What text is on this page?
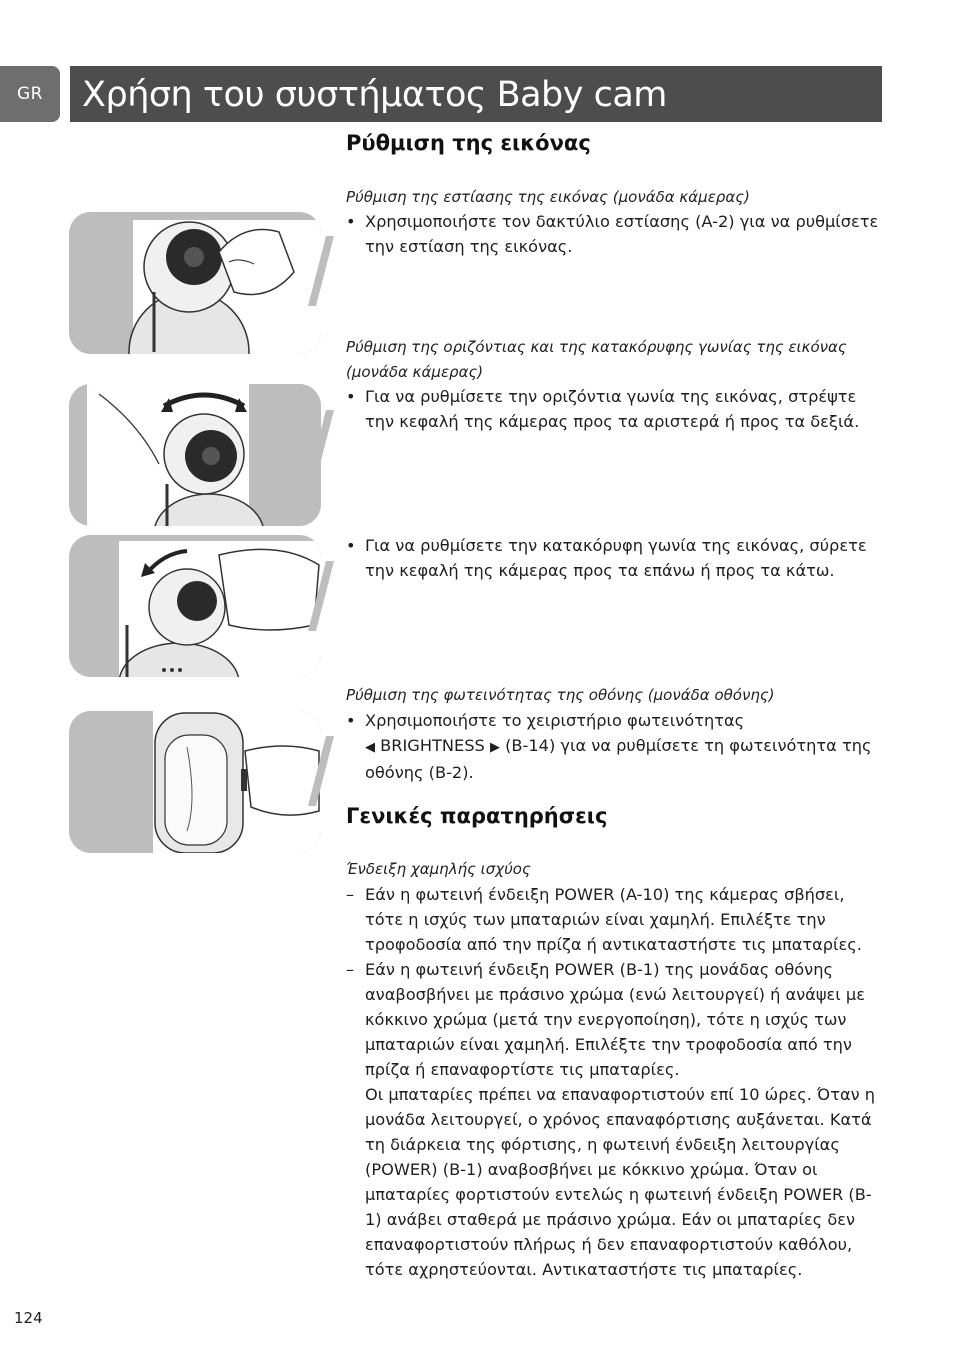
GR	Χρήση του συστήματος Baby cam
Ρύθμιση της εικόνας
Ρύθμιση της εστίασης της εικόνας (μονάδα κάμερας)
• Χρησιμοποιήστε τον δακτύλιο εστίασης (A-2) για να ρυθμίσετε την εστίαση της εικόνας.
Ρύθμιση της οριζόντιας και της κατακόρυφης γωνίας της εικόνας (μονάδα κάμερας)
• Για να ρυθμίσετε την οριζόντια γωνία της εικόνας, στρέψτε την κεφαλή της κάμερας προς τα αριστερά ή προς τα δεξιά.
• Για να ρυθμίσετε την κατακόρυφη γωνία της εικόνας, σύρετε την κεφαλή της κάμερας προς τα επάνω ή προς τα κάτω.
Ρύθμιση της φωτεινότητας της οθόνης (μονάδα οθόνης)
• Χρησιμοποιήστε το χειριστήριο φωτεινότητας
◀ BRIGHTNESS ▶ (B-14) για να ρυθμίσετε τη φωτεινότητα της οθόνης (B-2).
Γενικές παρατηρήσεις
Ένδειξη χαμηλής ισχύος
– Εάν η φωτεινή ένδειξη POWER (A-10) της κάμερας σβήσει, τότε η ισχύς των μπαταριών είναι χαμηλή. Επιλέξτε την τροφοδοσία από την πρίζα ή αντικαταστήστε τις μπαταρίες.
– Εάν η φωτεινή ένδειξη POWER (B-1) της μονάδας οθόνης αναβοσβήνει με πράσινο χρώμα (ενώ λειτουργεί) ή ανάψει με κόκκινο χρώμα (μετά την ενεργοποίηση), τότε η ισχύς των μπαταριών είναι χαμηλή. Επιλέξτε την τροφοδοσία από την πρίζα ή επαναφορτίστε τις μπαταρίες.
Οι μπαταρίες πρέπει να επαναφορτιστούν επί 10 ώρες. Όταν η μονάδα λειτουργεί, ο χρόνος επαναφόρτισης αυξάνεται. Κατά τη διάρκεια της φόρτισης, η φωτεινή ένδειξη λειτουργίας (POWER) (B-1) αναβοσβήνει με κόκκινο χρώμα. Όταν οι μπαταρίες φορτιστούν εντελώς η φωτεινή ένδειξη POWER (B-1) ανάβει σταθερά με πράσινο χρώμα. Εάν οι μπαταρίες δεν επαναφορτιστούν πλήρως ή δεν επαναφορτιστούν καθόλου, τότε αχρηστεύονται. Αντικαταστήστε τις μπαταρίες.
124
